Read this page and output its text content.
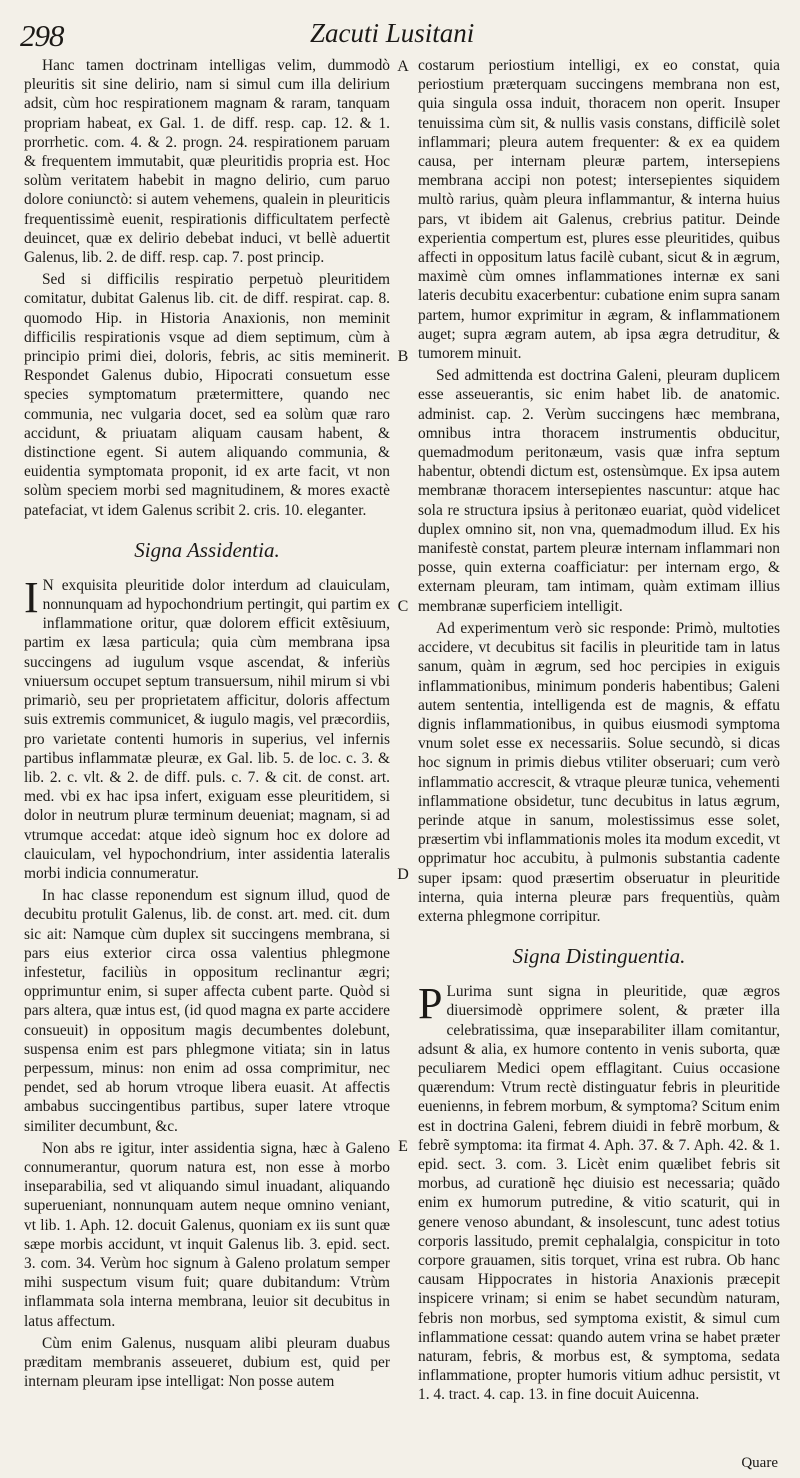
298	Zacuti Lusitani

Hanc tamen doctrinam intelligas velim, dummodò pleuritis sit sine delirio, nam si simul cum illa delirium adsit, cùm hoc respirationem magnam & raram, tanquam propriam habeat, ex Gal. 1. de diff. resp. cap. 12. & 1. prorrhetic. com. 4. & 2. progn. 24. respirationem paruam & frequentem immutabit, quæ pleuritidis propria est. Hoc solùm veritatem habebit in magno delirio, cum paruo dolore coniunctò: si autem vehemens, qualein in pleuriticis frequentissimè euenit, respirationis difficultatem perfectè deuincet, quæ ex delirio debebat induci, vt bellè aduertit Galenus, lib. 2. de diff. resp. cap. 7. post princip.

Sed si difficilis respiratio perpetuò pleuritidem comitatur, dubitat Galenus lib. cit. de diff. respirat. cap. 8. quomodo Hip. in Historia Anaxionis, non meminit difficilis respirationis vsque ad diem septimum, cùm à principio primi diei, doloris, febris, ac sitis meminerit. Respondet Galenus dubio, Hipocrati consuetum esse species symptomatum prætermittere, quando nec communia, nec vulgaria docet, sed ea solùm quæ raro accidunt, & priuatam aliquam causam habent, & distinctione egent. Si autem aliquando communia, & euidentia symptomata proponit, id ex arte facit, vt non solùm speciem morbi sed magnitudinem, & mores exactè patefaciat, vt idem Galenus scribit 2. cris. 10. eleganter.

Signa Assidentia.

I N exquisita pleuritide dolor interdum ad clauiculam, nonnunquam ad hypochondrium pertingit, qui partim ex inflammatione oritur, quæ dolorem efficit extẽsiuum, partim ex læsa particula; quia cùm membrana ipsa succingens ad iugulum vsque ascendat, & inferiùs vniuersum occupet septum transuersum, nihil mirum si vbi primariò, seu per proprietatem afficitur, doloris affectum suis extremis communicet, & iugulo magis, vel præcordiis, pro varietate contenti humoris in superius, vel infernis partibus inflammatæ pleuræ, ex Gal. lib. 5. de loc. c. 3. & lib. 2. c. vlt. & 2. de diff. puls. c. 7. & cit. de const. art. med. vbi ex hac ipsa infert, exiguam esse pleuritidem, si dolor in neutrum pluræ terminum deueniat; magnam, si ad vtrumque accedat: atque ideò signum hoc ex dolore ad clauiculam, vel hypochondrium, inter assidentia lateralis morbi indicia connumeratur.

In hac classe reponendum est signum illud, quod de decubitu protulit Galenus, lib. de const. art. med. cit. dum sic ait: Namque cùm duplex sit succingens membrana, si pars eius exterior circa ossa valentius phlegmone infestetur, faciliùs in oppositum reclinantur ægri; opprimuntur enim, si super affecta cubent parte. Quòd si pars altera, quæ intus est, (id quod magna ex parte accidere consueuit) in oppositum magis decumbentes dolebunt, suspensa enim est pars phlegmone vitiata; sin in latus perpessum, minus: non enim ad ossa comprimitur, nec pendet, sed ab horum vtroque libera euasit. At affectis ambabus succingentibus partibus, super latere vtroque similiter decumbunt, &c.

Non abs re igitur, inter assidentia signa, hæc à Galeno connumerantur, quorum natura est, non esse à morbo inseparabilia, sed vt aliquando simul inuadant, aliquando superueniant, nonnunquam autem neque omnino veniant, vt lib. 1. Aph. 12. docuit Galenus, quoniam ex iis sunt quæ sæpe morbis accidunt, vt inquit Galenus lib. 3. epid. sect. 3. com. 34. Verùm hoc signum à Galeno prolatum semper mihi suspectum visum fuit; quare dubitandum: Vtrùm inflammata sola interna membrana, leuior sit decubitus in latus affectum.

Cùm enim Galenus, nusquam alibi pleuram duabus præditam membranis asseueret, dubium est, quid per internam pleuram ipse intelligat: Non posse autem

A
B
C
D
E

costarum periostium intelligi, ex eo constat, quia periostium præterquam succingens membrana non est, quia singula ossa induit, thoracem non operit. Insuper tenuissima cùm sit, & nullis vasis constans, difficilè solet inflammari; pleura autem frequenter: & ex ea quidem causa, per internam pleuræ partem, intersepiens membrana accipi non potest; intersepientes siquidem multò rarius, quàm pleura inflammantur, & interna huius pars, vt ibidem ait Galenus, crebrius patitur. Deinde experientia compertum est, plures esse pleuritides, quibus affecti in oppositum latus facilè cubant, sicut & in ægrum, maximè cùm omnes inflammationes internæ ex sani lateris decubitu exacerbentur: cubatione enim supra sanam partem, humor exprimitur in ægram, & inflammationem auget; supra ægram autem, ab ipsa ægra detruditur, & tumorem minuit.

Sed admittenda est doctrina Galeni, pleuram duplicem esse asseuerantis, sic enim habet lib. de anatomic. administ. cap. 2. Verùm succingens hæc membrana, omnibus intra thoracem instrumentis obducitur, quemadmodum peritonæum, vasis quæ infra septum habentur, obtendi dictum est, ostensùmque. Ex ipsa autem membranæ thoracem intersepientes nascuntur: atque hac sola re structura ipsius à peritonæo euariat, quòd videlicet duplex omnino sit, non vna, quemadmodum illud. Ex his manifestè constat, partem pleuræ internam inflammari non posse, quin externa coafficiatur: per internam ergo, & externam pleuram, tam intimam, quàm extimam illius membranæ superficiem intelligit.

Ad experimentum verò sic responde: Primò, multoties accidere, vt decubitus sit facilis in pleuritide tam in latus sanum, quàm in ægrum, sed hoc percipies in exiguis inflammationibus, minimum ponderis habentibus; Galeni autem sententia, intelligenda est de magnis, & effatu dignis inflammationibus, in quibus eiusmodi symptoma vnum solet esse ex necessariis. Solue secundò, si dicas hoc signum in primis diebus vtiliter obseruari; cum verò inflammatio accrescit, & vtraque pleuræ tunica, vehementi inflammatione obsidetur, tunc decubitus in latus ægrum, perinde atque in sanum, molestissimus esse solet, præsertim vbi inflammationis moles ita modum excedit, vt opprimatur hoc accubitu, à pulmonis substantia cadente super ipsam: quod præsertim obseruatur in pleuritide interna, quia interna pleuræ pars frequentiùs, quàm externa phlegmone corripitur.

Signa Distinguentia.

P Lurima sunt signa in pleuritide, quæ ægros diuersimodè opprimere solent, & præter illa celebratissima, quæ inseparabiliter illam comitantur, adsunt & alia, ex humore contento in venis suborta, quæ peculiarem Medici opem efflagitant. Cuius occasione quærendum: Vtrum rectè distinguatur febris in pleuritide euenienns, in febrem morbum, & symptoma? Scitum enim est in doctrina Galeni, febrem diuidi in febrẽ morbum, & febrẽ symptoma: ita firmat 4. Aph. 37. & 7. Aph. 42. & 1. epid. sect. 3. com. 3. Licèt enim quælibet febris sit morbus, ad curationẽ hęc diuisio est necessaria; quãdo enim ex humorum putredine, & vitio scaturit, qui in genere venoso abundant, & insolescunt, tunc adest totius corporis lassitudo, premit cephalalgia, conspicitur in toto corpore grauamen, sitis torquet, vrina est rubra. Ob hanc causam Hippocrates in historia Anaxionis præcepit inspicere vrinam; si enim se habet secundùm naturam, febris non morbus, sed symptoma existit, & simul cum inflammatione cessat: quando autem vrina se habet præter naturam, febris, & morbus est, & symptoma, sedata inflammatione, propter humoris vitium adhuc persistit, vt 1. 4. tract. 4. cap. 13. in fine docuit Auicenna.

Quare
